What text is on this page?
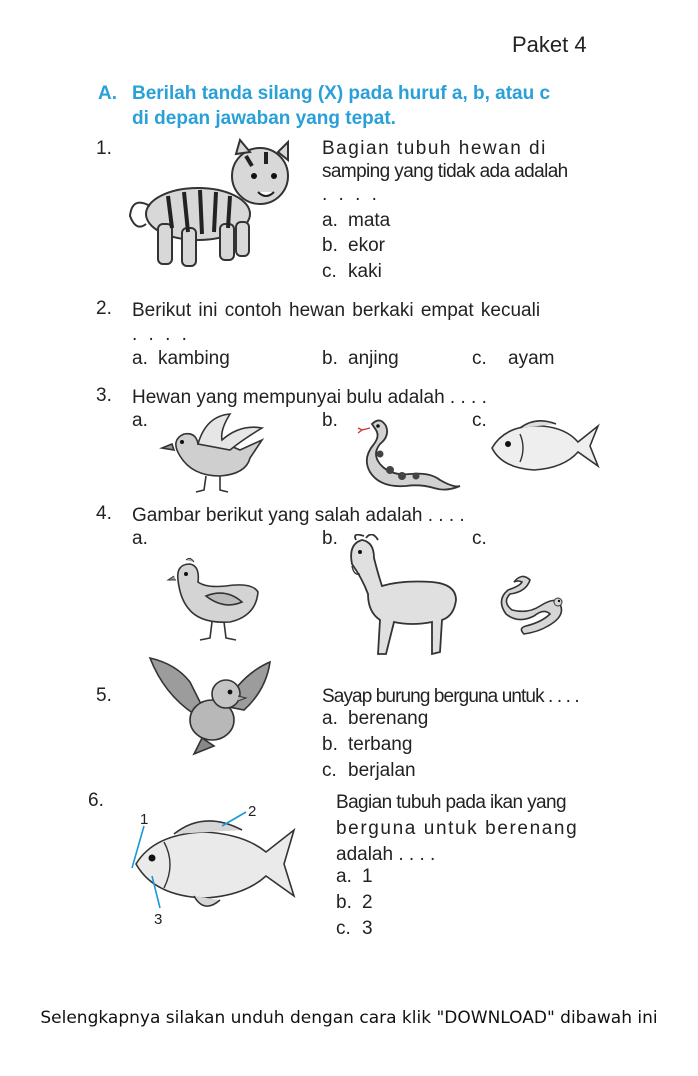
Paket 4
A. Berilah tanda silang (X) pada huruf a, b, atau c
di depan jawaban yang tepat.
1.	Bagian tubuh hewan di
samping yang tidak ada adalah
. . . .
a. mata
b. ekor
c. kaki
2. Berikut ini contoh hewan berkaki empat kecuali
. . . .
a. kambing	b. anjing	c. ayam
3. Hewan yang mempunyai bulu adalah . . . .
a.	b.	c.
4. Gambar berikut yang salah adalah . . . .
a.	b.	c.
5.	Sayap burung berguna untuk . . . .
a. berenang
b. terbang
c. berjalan
6.
1	2
3
Bagian tubuh pada ikan yang
berguna untuk berenang
adalah . . . .
a. 1
b. 2
c. 3
Selengkapnya silakan unduh dengan cara klik "DOWNLOAD" dibawah ini
